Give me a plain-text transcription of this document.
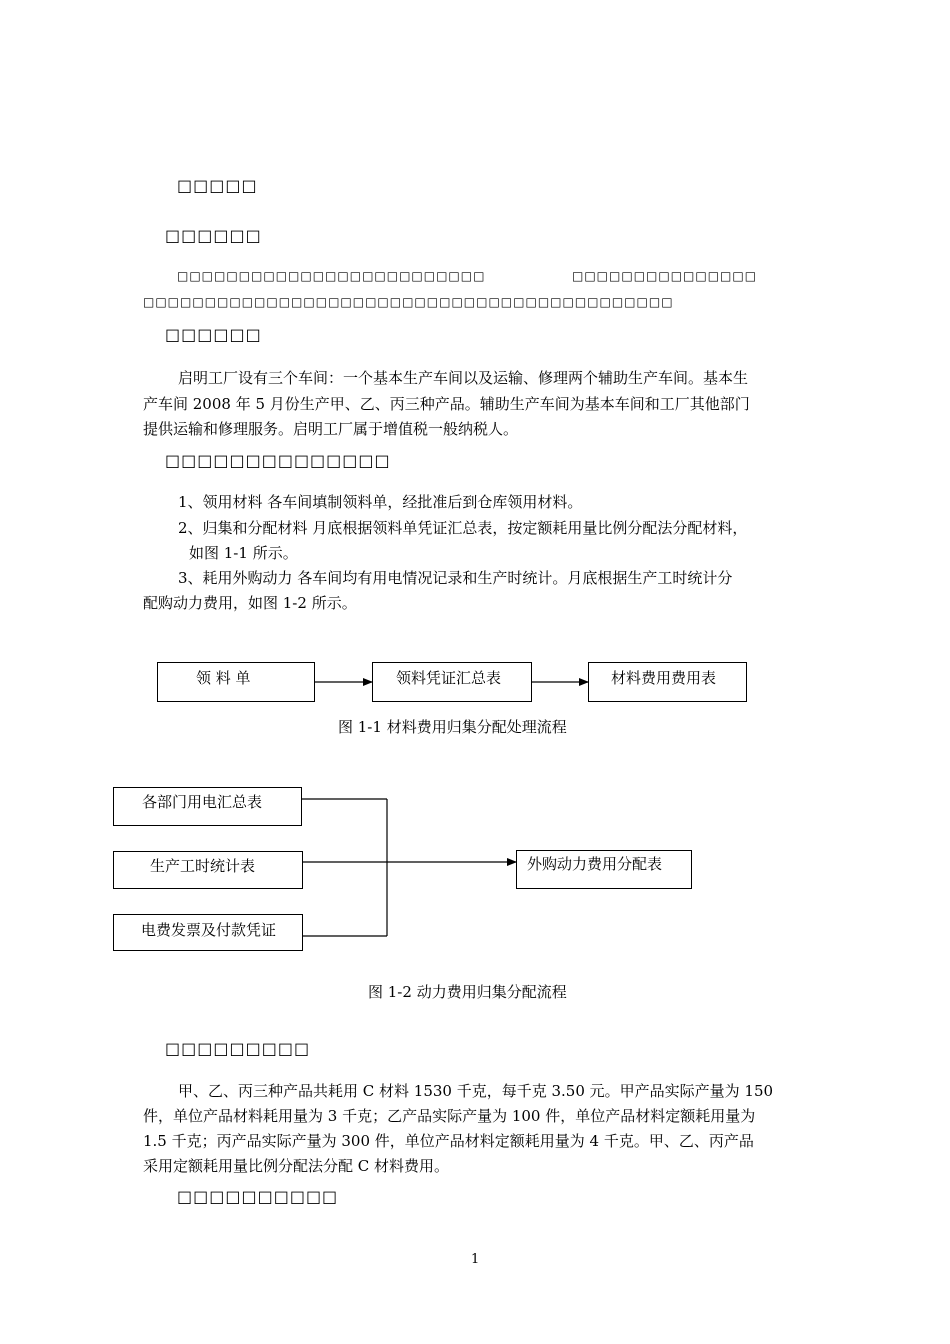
□□□□□
□□□□□□
□□□□□□□□□□□□□□□□□□□□□□□□□	□□□□□□□□□□□□□□□
□□□□□□□□□□□□□□□□□□□□□□□□□□□□□□□□□□□□□□□□□□□
□□□□□□
启明工厂设有三个车间：一个基本生产车间以及运输、修理两个辅助生产车间。基本生
产车间 2008 年 5 月份生产甲、乙、丙三种产品。辅助生产车间为基本车间和工厂其他部门
提供运输和修理服务。启明工厂属于增值税一般纳税人。
□□□□□□□□□□□□□□
1、领用材料 各车间填制领料单，经批准后到仓库领用材料。
2、归集和分配材料 月底根据领料单凭证汇总表，按定额耗用量比例分配法分配材料，
如图 1-1 所示。
3、耗用外购动力 各车间均有用电情况记录和生产时统计。月底根据生产工时统计分
配购动力费用，如图 1-2 所示。
领 料 单	领料凭证汇总表	材料费用费用表
图 1-1 材料费用归集分配处理流程
各部门用电汇总表
生产工时统计表
电费发票及付款凭证
外购动力费用分配表
图 1-2 动力费用归集分配流程
□□□□□□□□□
甲、乙、丙三种产品共耗用 C 材料 1530 千克，每千克 3.50 元。甲产品实际产量为 150
件，单位产品材料耗用量为 3 千克；乙产品实际产量为 100 件，单位产品材料定额耗用量为
1.5 千克；丙产品实际产量为 300 件，单位产品材料定额耗用量为 4 千克。甲、乙、丙产品
采用定额耗用量比例分配法分配 C 材料费用。
□□□□□□□□□□
1
